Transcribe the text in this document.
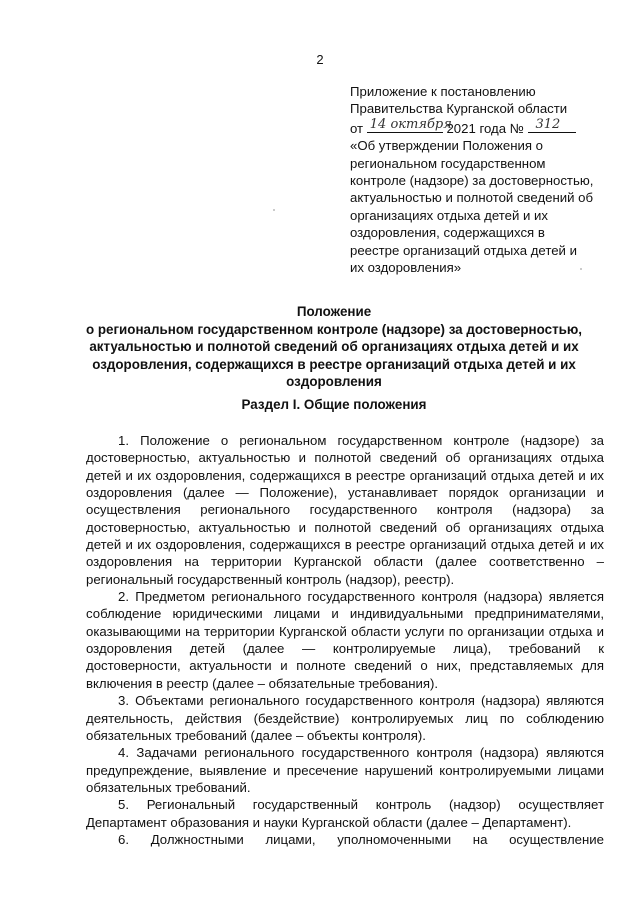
2
Приложение к постановлению
Правительства Курганской области
от 14 октября
2021 года № 312
«Об утверждении Положения о
региональном государственном
контроле (надзоре) за достоверностью,
актуальностью и полнотой сведений об
организациях отдыха детей и их
оздоровления, содержащихся в
реестре организаций отдыха детей и
их оздоровления»
Положение
о региональном государственном контроле (надзоре) за достоверностью, актуальностью и полнотой сведений об организациях отдыха детей и их оздоровления, содержащихся в реестре организаций отдыха детей и их оздоровления
Раздел I. Общие положения

1. Положение о региональном государственном контроле (надзоре) за достоверностью, актуальностью и полнотой сведений об организациях отдыха детей и их оздоровления, содержащихся в реестре организаций отдыха детей и их оздоровления (далее — Положение), устанавливает порядок организации и осуществления регионального государственного контроля (надзора) за достоверностью, актуальностью и полнотой сведений об организациях отдыха детей и их оздоровления, содержащихся в реестре организаций отдыха детей и их оздоровления на территории Курганской области (далее соответственно – региональный государственный контроль (надзор), реестр).

2. Предметом регионального государственного контроля (надзора) является соблюдение юридическими лицами и индивидуальными предпринимателями, оказывающими на территории Курганской области услуги по организации отдыха и оздоровления детей (далее — контролируемые лица), требований к достоверности, актуальности и полноте сведений о них, представляемых для включения в реестр (далее – обязательные требования).

3. Объектами регионального государственного контроля (надзора) являются деятельность, действия (бездействие) контролируемых лиц по соблюдению обязательных требований (далее – объекты контроля).

4. Задачами регионального государственного контроля (надзора) являются предупреждение, выявление и пресечение нарушений контролируемыми лицами обязательных требований.

5. Региональный государственный контроль (надзор) осуществляет Департамент образования и науки Курганской области (далее – Департамент).

6. Должностными лицами, уполномоченными на осуществление
